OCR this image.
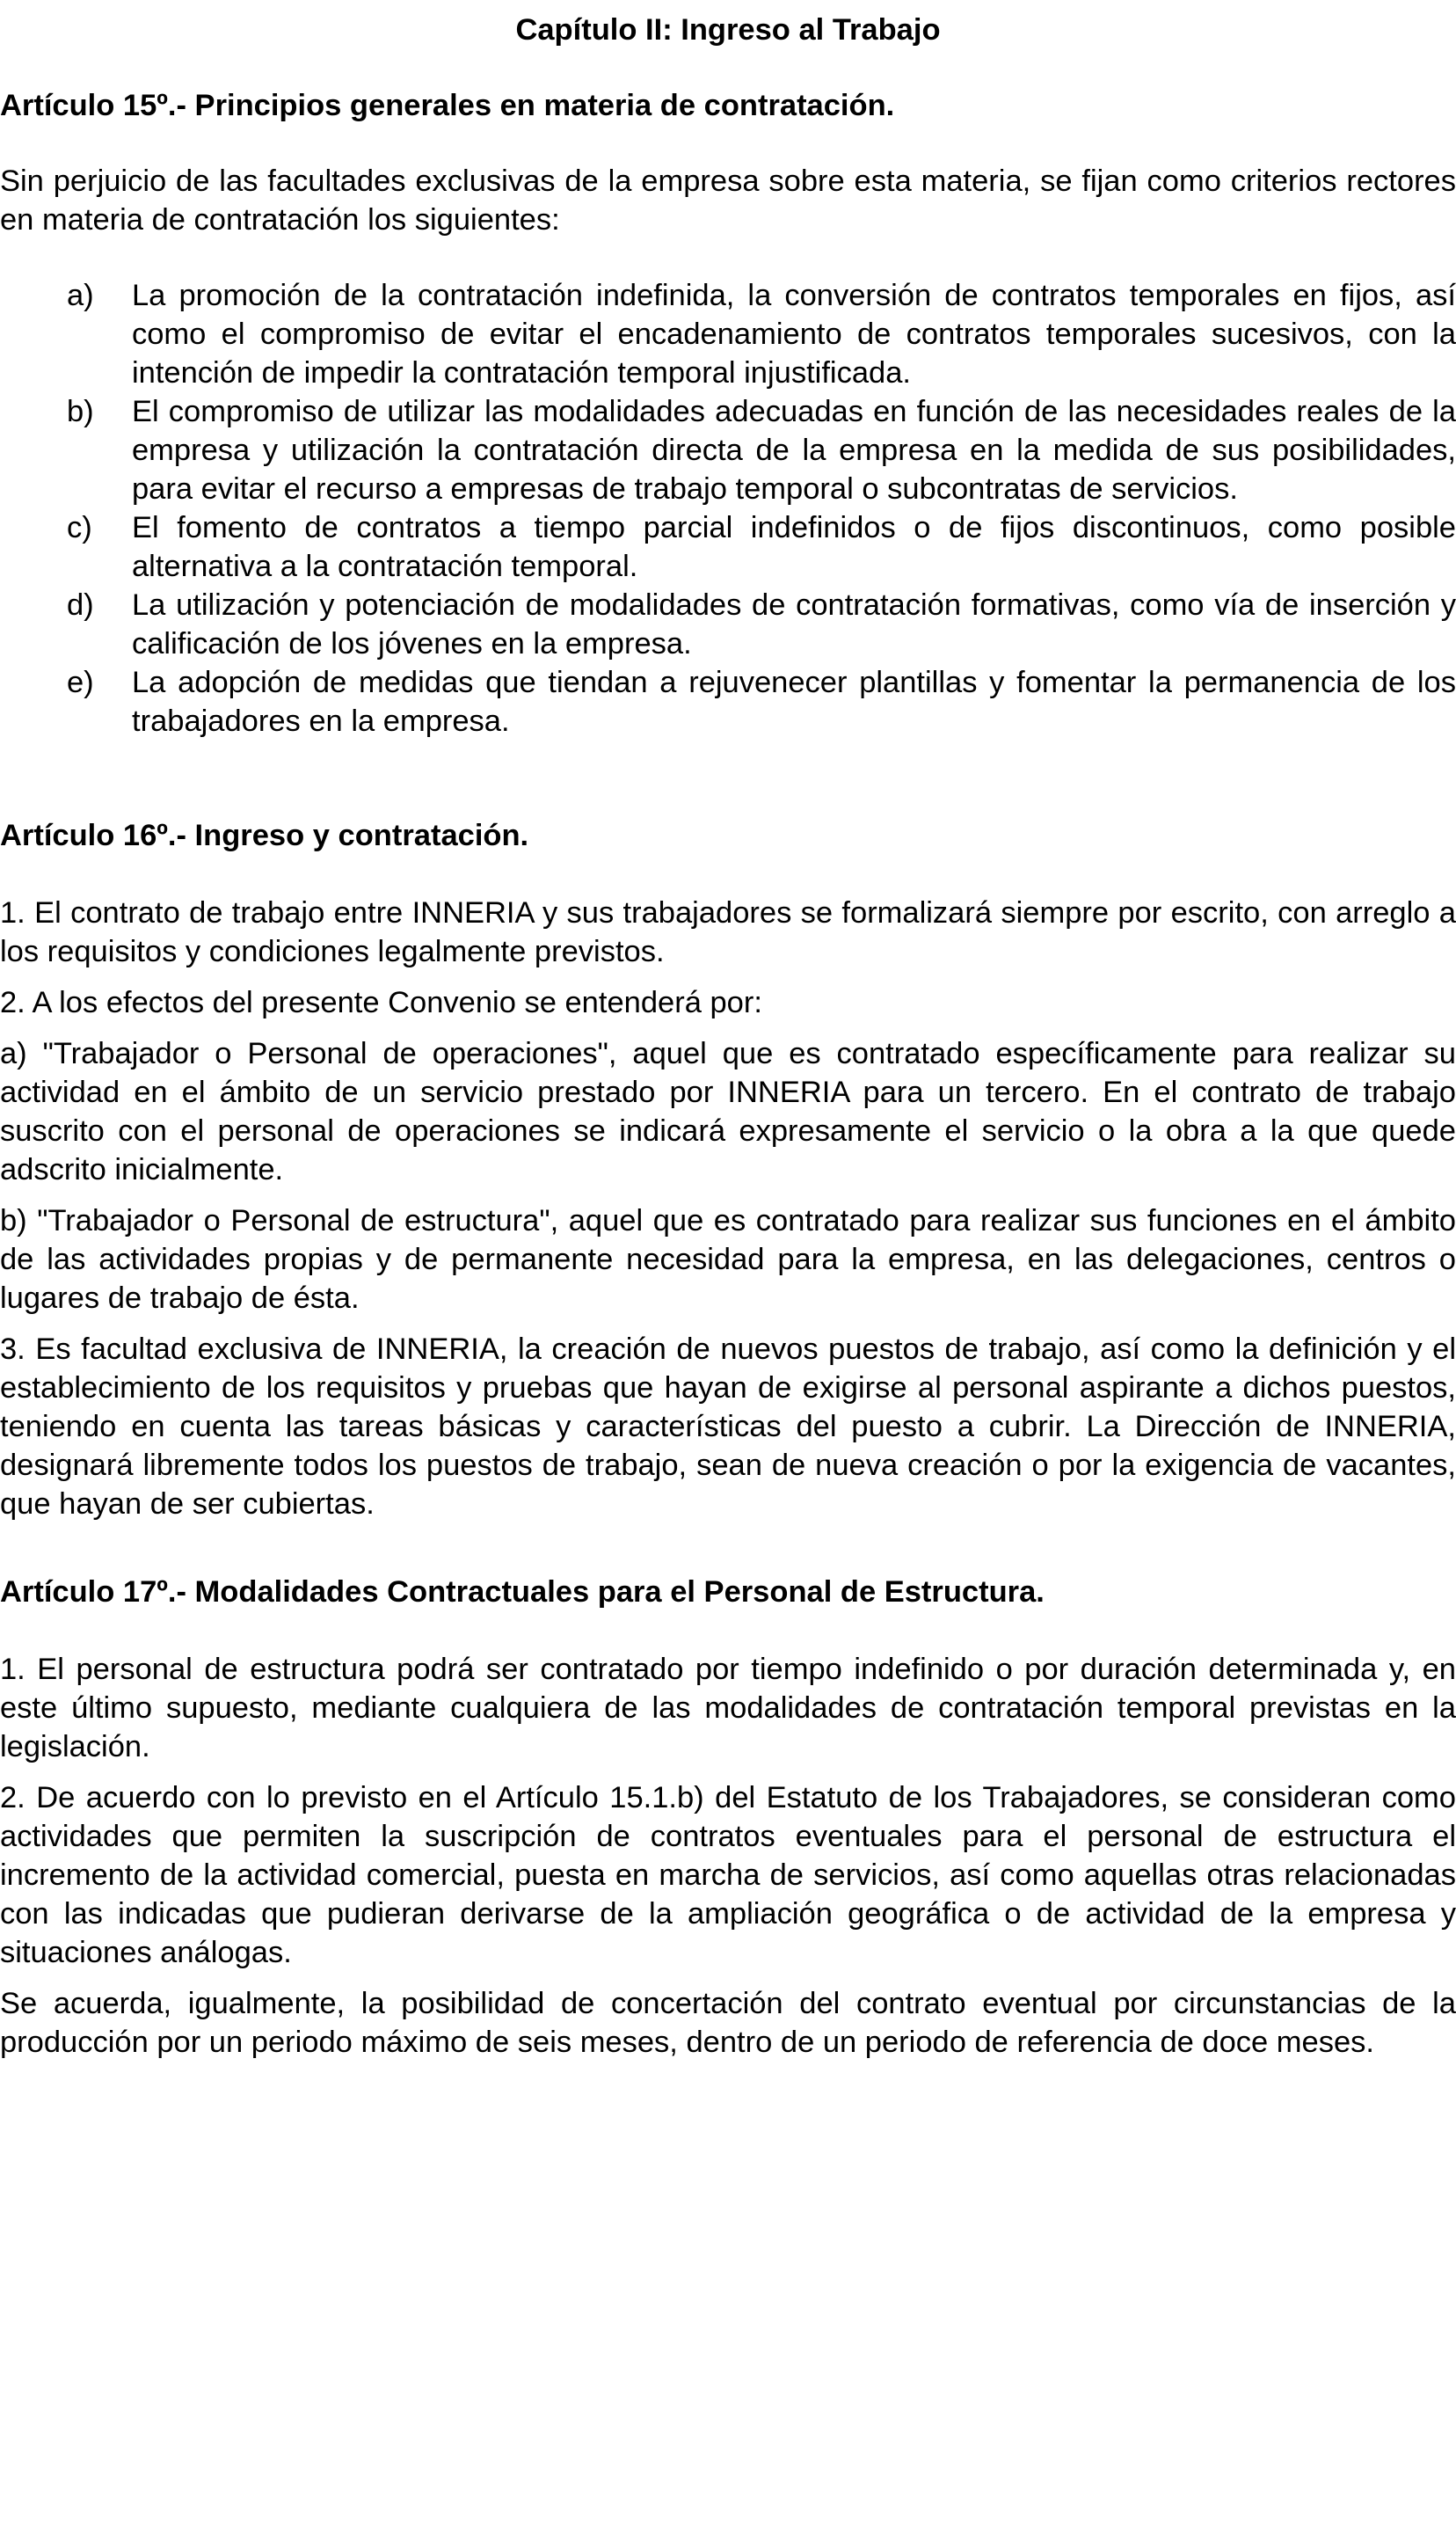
Capítulo II: Ingreso al Trabajo
Artículo 15º.- Principios generales en materia de contratación.

Sin perjuicio de las facultades exclusivas de la empresa sobre esta materia, se fijan como criterios rectores en materia de contratación los siguientes:

a)	La promoción de la contratación indefinida, la conversión de contratos temporales en fijos, así como el compromiso de evitar el encadenamiento de contratos temporales sucesivos, con la intención de impedir la contratación temporal injustificada.
b)	El compromiso de utilizar las modalidades adecuadas en función de las necesidades reales de la empresa y utilización la contratación directa de la empresa en la medida de sus posibilidades, para evitar el recurso a empresas de trabajo temporal o subcontratas de servicios.
c)	El fomento de contratos a tiempo parcial indefinidos o de fijos discontinuos, como posible alternativa a la contratación temporal.
d)	La utilización y potenciación de modalidades de contratación formativas, como vía de inserción y calificación de los jóvenes en la empresa.
e)	La adopción de medidas que tiendan a rejuvenecer plantillas y fomentar la permanencia de los trabajadores en la empresa.
Artículo 16º.- Ingreso y contratación.

1. El contrato de trabajo entre INNERIA y sus trabajadores se formalizará siempre por escrito, con arreglo a los requisitos y condiciones legalmente previstos.

2. A los efectos del presente Convenio se entenderá por:

a) "Trabajador o Personal de operaciones", aquel que es contratado específicamente para realizar su actividad en el ámbito de un servicio prestado por INNERIA para un tercero. En el contrato de trabajo suscrito con el personal de operaciones se indicará expresamente el servicio o la obra a la que quede adscrito inicialmente.

b) "Trabajador o Personal de estructura", aquel que es contratado para realizar sus funciones en el ámbito de las actividades propias y de permanente necesidad para la empresa, en las delegaciones, centros o lugares de trabajo de ésta.

3. Es facultad exclusiva de INNERIA, la creación de nuevos puestos de trabajo, así como la definición y el establecimiento de los requisitos y pruebas que hayan de exigirse al personal aspirante a dichos puestos, teniendo en cuenta las tareas básicas y características del puesto a cubrir. La Dirección de INNERIA, designará libremente todos los puestos de trabajo, sean de nueva creación o por la exigencia de vacantes, que hayan de ser cubiertas.

Artículo 17º.- Modalidades Contractuales para el Personal de Estructura.

1. El personal de estructura podrá ser contratado por tiempo indefinido o por duración determinada y, en este último supuesto, mediante cualquiera de las modalidades de contratación temporal previstas en la legislación.

2. De acuerdo con lo previsto en el Artículo 15.1.b) del Estatuto de los Trabajadores, se consideran como actividades que permiten la suscripción de contratos eventuales para el personal de estructura el incremento de la actividad comercial, puesta en marcha de servicios, así como aquellas otras relacionadas con las indicadas que pudieran derivarse de la ampliación geográfica o de actividad de la empresa y situaciones análogas.

Se acuerda, igualmente, la posibilidad de concertación del contrato eventual por circunstancias de la producción por un periodo máximo de seis meses, dentro de un periodo de referencia de doce meses.
